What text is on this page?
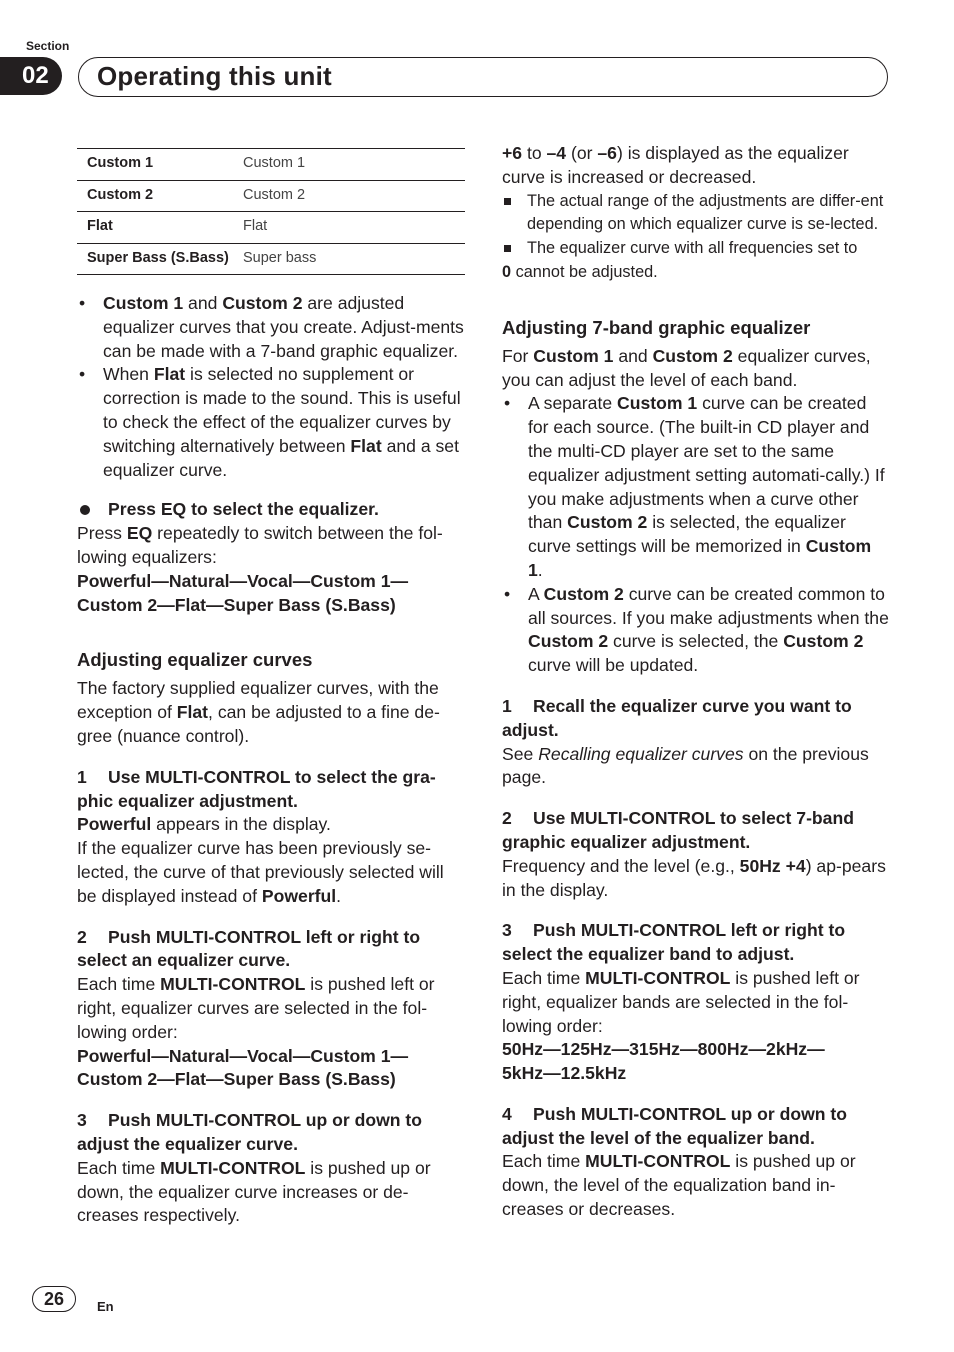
Section
02	Operating this unit
Custom 1	Custom 1
Custom 2	Custom 2
Flat	Flat
Super Bass (S.Bass)	Super bass
• Custom 1 and Custom 2 are adjusted equalizer curves that you create. Adjust-ments can be made with a 7-band graphic equalizer.
• When Flat is selected no supplement or correction is made to the sound. This is useful to check the effect of the equalizer curves by switching alternatively between Flat and a set equalizer curve.

Press EQ to select the equalizer.

Press EQ repeatedly to switch between the fol-lowing equalizers:

Powerful—Natural—Vocal—Custom 1—
Custom 2—Flat—Super Bass (S.Bass)

Adjusting equalizer curves

The factory supplied equalizer curves, with the exception of Flat, can be adjusted to a fine de-gree (nuance control).

1 Use MULTI-CONTROL to select the gra-phic equalizer adjustment.

Powerful appears in the display.

If the equalizer curve has been previously se-lected, the curve of that previously selected will be displayed instead of Powerful.

2 Push MULTI-CONTROL left or right to select an equalizer curve.

Each time MULTI-CONTROL is pushed left or right, equalizer curves are selected in the fol-lowing order:

Powerful—Natural—Vocal—Custom 1—
Custom 2—Flat—Super Bass (S.Bass)

3 Push MULTI-CONTROL up or down to adjust the equalizer curve.

Each time MULTI-CONTROL is pushed up or down, the equalizer curve increases or de-creases respectively.

+6 to –4 (or –6) is displayed as the equalizer curve is increased or decreased.

The actual range of the adjustments are differ-ent depending on which equalizer curve is se-lected.

The equalizer curve with all frequencies set to

0 cannot be adjusted.

Adjusting 7-band graphic equalizer

For Custom 1 and Custom 2 equalizer curves, you can adjust the level of each band.

• A separate Custom 1 curve can be created for each source. (The built-in CD player and the multi-CD player are set to the same equalizer adjustment setting automati-cally.) If you make adjustments when a curve other than Custom 2 is selected, the equalizer curve settings will be memorized in Custom 1.
• A Custom 2 curve can be created common to all sources. If you make adjustments when the Custom 2 curve is selected, the Custom 2 curve will be updated.

1 Recall the equalizer curve you want to adjust.

See Recalling equalizer curves on the previous page.

2 Use MULTI-CONTROL to select 7-band graphic equalizer adjustment.

Frequency and the level (e.g., 50Hz +4) ap-pears in the display.

3 Push MULTI-CONTROL left or right to select the equalizer band to adjust.

Each time MULTI-CONTROL is pushed left or right, equalizer bands are selected in the fol-lowing order:

50Hz—125Hz—315Hz—800Hz—2kHz—
5kHz—12.5kHz

4 Push MULTI-CONTROL up or down to adjust the level of the equalizer band.

Each time MULTI-CONTROL is pushed up or down, the level of the equalization band in-creases or decreases.

26	En
